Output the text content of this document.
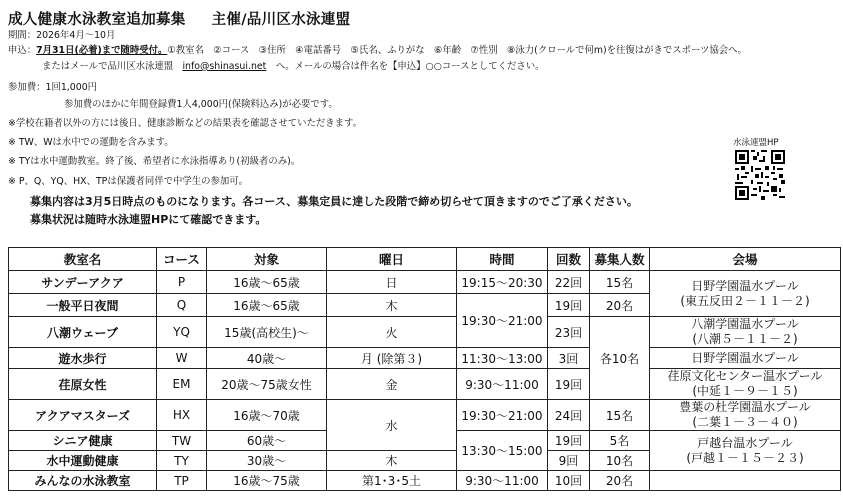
成人健康水泳教室追加募集 主催/品川区水泳連盟
期間：2026年4月～10月
申込：7月31日(必着)まで随時受付。①教室名　②コース　③住所　④電話番号　⑤氏名、ふりがな　⑥年齢　⑦性別　⑧泳力(クロールで何m)を往復はがきでスポーツ協会へ。
またはメールで品川区水泳連盟　info@shinasui.net　へ。メールの場合は件名を【申込】○○コースとしてください。
参加費：1回1,000円
参加費のほかに年間登録費1人4,000円(保険料込み)が必要です。
※学校在籍者以外の方には後日、健康診断などの結果表を確認させていただきます。
※ TW、Wは水中での運動を含みます。
※ TYは水中運動教室。終了後、希望者に水泳指導あり(初級者のみ)。
※ P、Q、YQ、HX、TPは保護者同伴で中学生の参加可。
募集内容は3月5日時点のものになります。各コース、募集定員に達した段階で締め切らせて頂きますのでご了承ください。
募集状況は随時水泳連盟HPにて確認できます。
水泳連盟HP
教室名	コース	対象	曜日	時間	回数	募集人数	会場
サンデーアクア	P	16歳～65歳	日	19:15～20:30	22回	15名	日野学園温水プール
(東五反田２－１１－２)

一般平日夜間	Q	16歳～65歳	木	19:30～21:00	19回	20名	
八潮ウェーブ	YQ	15歳(高校生)～	火		23回	各10名	八潮学園温水プール
(八潮５－１１－２)

遊水歩行	W	40歳～	月 (除第３)	11:30～13:00	3回		日野学園温水プール

荏原女性	EM	20歳～75歳女性	金	9:30～11:00	19回		荏原文化センター温水プール
(中延１－９－１５)

アクアマスターズ	HX	16歳～70歳	水	19:30～21:00	24回	15名	豊葉の杜学園温水プール
(二葉１－３－４０)

シニア健康	TW	60歳～		13:30～15:00	19回	5名	戸越台温水プール
(戸越１－１５－２３)

水中運動健康	TY	30歳～	木		9回	10名	
みんなの水泳教室	TP	16歳～75歳	第1･3･5土	9:30～11:00	10回	20名	
